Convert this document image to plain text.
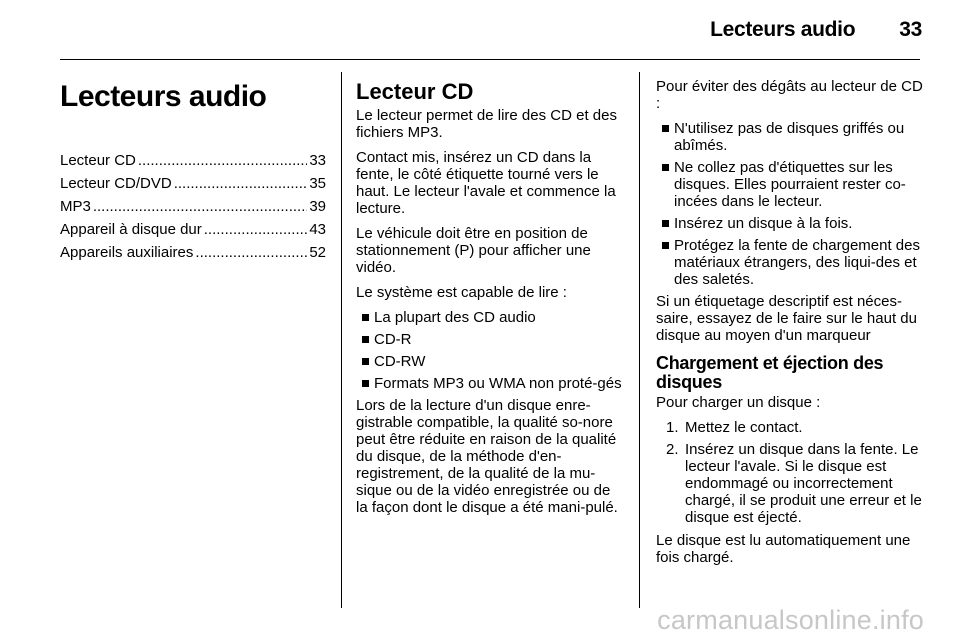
Lecteurs audio 33
Lecteurs audio
Lecteur CD .....	33
Lecteur CD/DVD .....	35
MP3 .....	39
Appareil à disque dur .....	43
Appareils auxiliaires .....	52
Lecteur CD

Le lecteur permet de lire des CD et des fichiers MP3.

Contact mis, insérez un CD dans la fente, le côté étiquette tourné vers le haut. Le lecteur l'avale et commence la lecture.

Le véhicule doit être en position de stationnement (P) pour afficher une vidéo.

Le système est capable de lire :

La plupart des CD audio
CD-R
CD-RW
Formats MP3 ou WMA non proté-gés

Lors de la lecture d'un disque enre-gistrable compatible, la qualité so-nore peut être réduite en raison de la qualité du disque, de la méthode d'en-registrement, de la qualité de la mu-sique ou de la vidéo enregistrée ou de la façon dont le disque a été mani-pulé.

Pour éviter des dégâts au lecteur de CD :

N'utilisez pas de disques griffés ou abîmés.
Ne collez pas d'étiquettes sur les disques. Elles pourraient rester co-incées dans le lecteur.
Insérez un disque à la fois.
Protégez la fente de chargement des matériaux étrangers, des liqui-des et des saletés.

Si un étiquetage descriptif est néces-saire, essayez de le faire sur le haut du disque au moyen d'un marqueur

Chargement et éjection des disques

Pour charger un disque :

1. Mettez le contact.
2. Insérez un disque dans la fente. Le lecteur l'avale. Si le disque est endommagé ou incorrectement chargé, il se produit une erreur et le disque est éjecté.

Le disque est lu automatiquement une fois chargé.

carmanualsonline.info
